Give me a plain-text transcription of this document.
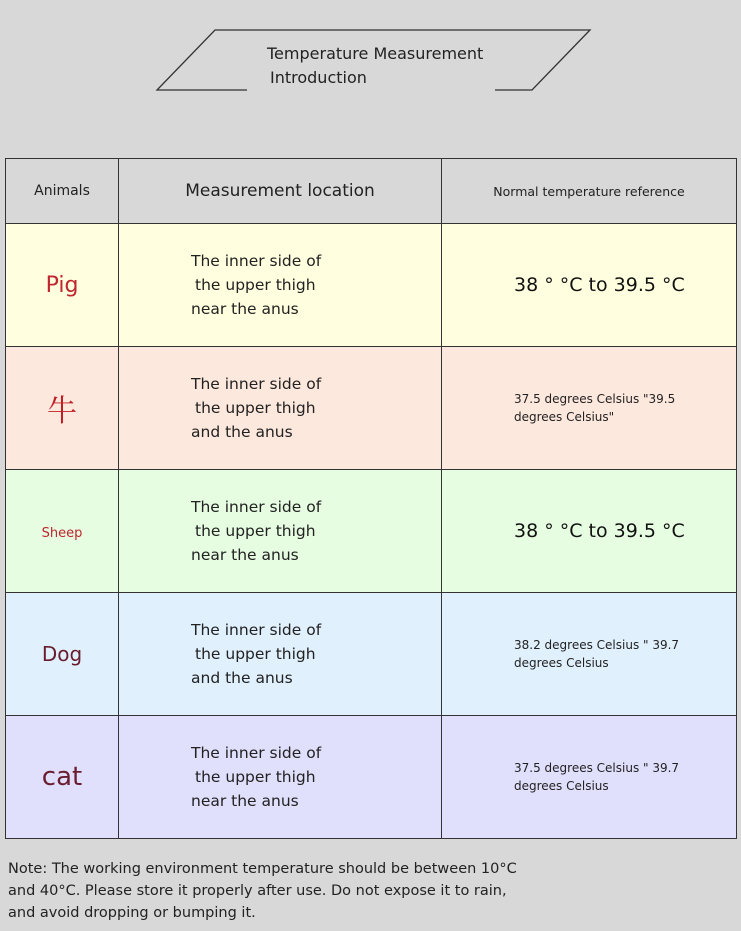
Temperature Measurement
Introduction
Animals	Measurement location	Normal temperature reference
Pig	The inner side of
the upper thigh
near the anus	38 ° °C to 39.5 °C
牛	The inner side of
the upper thigh
and the anus	37.5 degrees Celsius "39.5 degrees Celsius"

Sheep	The inner side of
the upper thigh
near the anus	38 ° °C to 39.5 °C
Dog	The inner side of
the upper thigh
and the anus	38.2 degrees Celsius " 39.7 degrees Celsius

cat	The inner side of
the upper thigh
near the anus	37.5 degrees Celsius " 39.7 degrees Celsius
Note: The working environment temperature should be between 10°C and 40°C. Please store it properly after use. Do not expose it to rain, and avoid dropping or bumping it.
